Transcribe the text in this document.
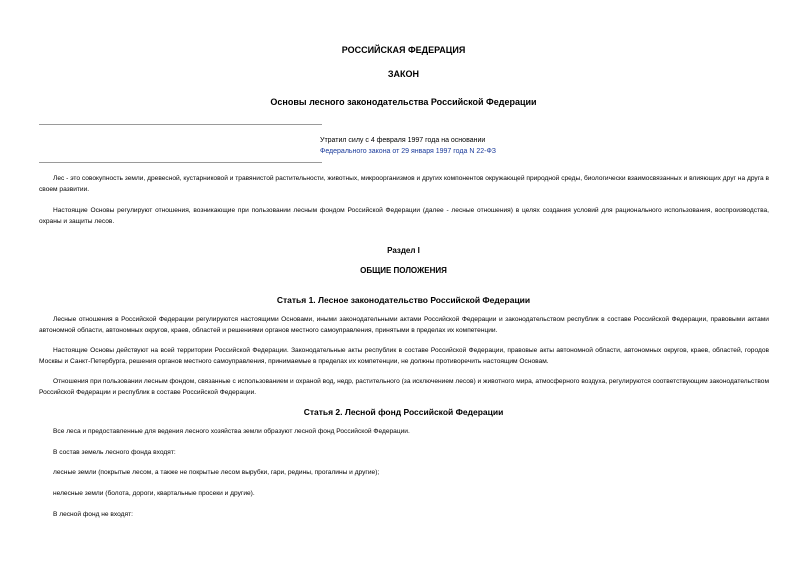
РОССИЙСКАЯ ФЕДЕРАЦИЯ
ЗАКОН
Основы лесного законодательства Российской Федерации
Утратил силу с 4 февраля 1997 года на основании
Федерального закона от 29 января 1997 года N 22-ФЗ
Лес - это совокупность земли, древесной, кустарниковой и травянистой растительности, животных, микроорганизмов и других компонентов окружающей природной среды, биологически взаимосвязанных и влияющих друг на друга в своем развитии.
Настоящие Основы регулируют отношения, возникающие при пользовании лесным фондом Российской Федерации (далее - лесные отношения) в целях создания условий для рационального использования, воспроизводства, охраны и защиты лесов.
Раздел I
ОБЩИЕ ПОЛОЖЕНИЯ
Статья 1. Лесное законодательство Российской Федерации
Лесные отношения в Российской Федерации регулируются настоящими Основами, иными законодательными актами Российской Федерации и законодательством республик в составе Российской Федерации, правовыми актами автономной области, автономных округов, краев, областей и решениями органов местного самоуправления, принятыми в пределах их компетенции.
Настоящие Основы действуют на всей территории Российской Федерации. Законодательные акты республик в составе Российской Федерации, правовые акты автономной области, автономных округов, краев, областей, городов Москвы и Санкт-Петербурга, решения органов местного самоуправления, принимаемые в пределах их компетенции, не должны противоречить настоящим Основам.
Отношения при пользовании лесным фондом, связанные с использованием и охраной вод, недр, растительного (за исключением лесов) и животного мира, атмосферного воздуха, регулируются соответствующим законодательством Российской Федерации и республик в составе Российской Федерации.
Статья 2. Лесной фонд Российской Федерации
Все леса и предоставленные для ведения лесного хозяйства земли образуют лесной фонд Российской Федерации.
В состав земель лесного фонда входят:
лесные земли (покрытые лесом, а также не покрытые лесом вырубки, гари, редины, прогалины и другие);
нелесные земли (болота, дороги, квартальные просеки и другие).
В лесной фонд не входят:
